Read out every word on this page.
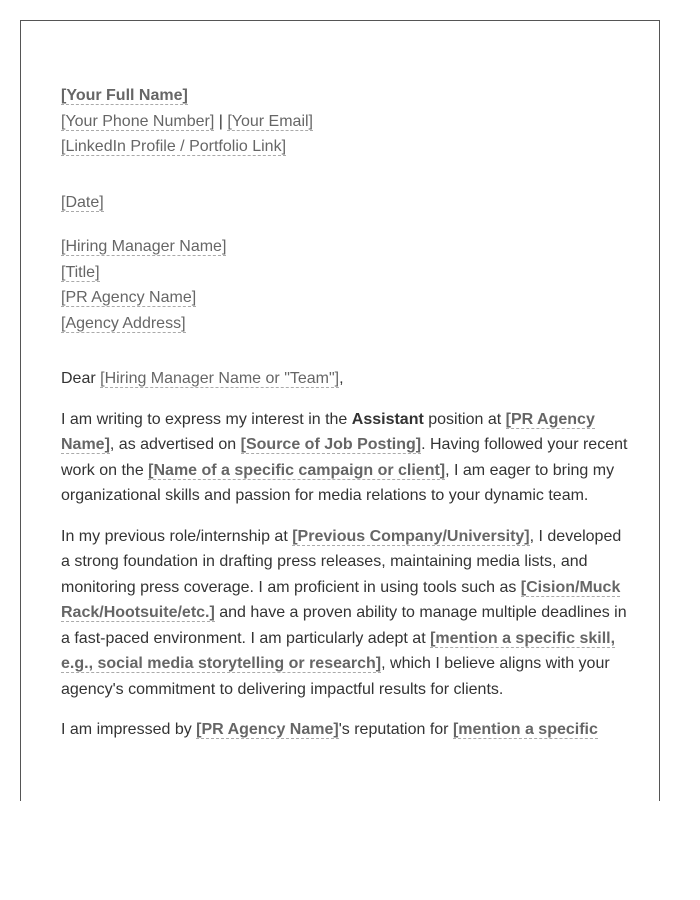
[Your Full Name]
[Your Phone Number] | [Your Email]
[LinkedIn Profile / Portfolio Link]
[Date]
[Hiring Manager Name]
[Title]
[PR Agency Name]
[Agency Address]

Dear [Hiring Manager Name or "Team"],

I am writing to express my interest in the Assistant position at [PR Agency Name], as advertised on [Source of Job Posting]. Having followed your recent work on the [Name of a specific campaign or client], I am eager to bring my organizational skills and passion for media relations to your dynamic team.

In my previous role/internship at [Previous Company/University], I developed a strong foundation in drafting press releases, maintaining media lists, and monitoring press coverage. I am proficient in using tools such as [Cision/Muck Rack/Hootsuite/etc.] and have a proven ability to manage multiple deadlines in a fast-paced environment. I am particularly adept at [mention a specific skill, e.g., social media storytelling or research], which I believe aligns with your agency's commitment to delivering impactful results for clients.

I am impressed by [PR Agency Name]'s reputation for [mention a specific
